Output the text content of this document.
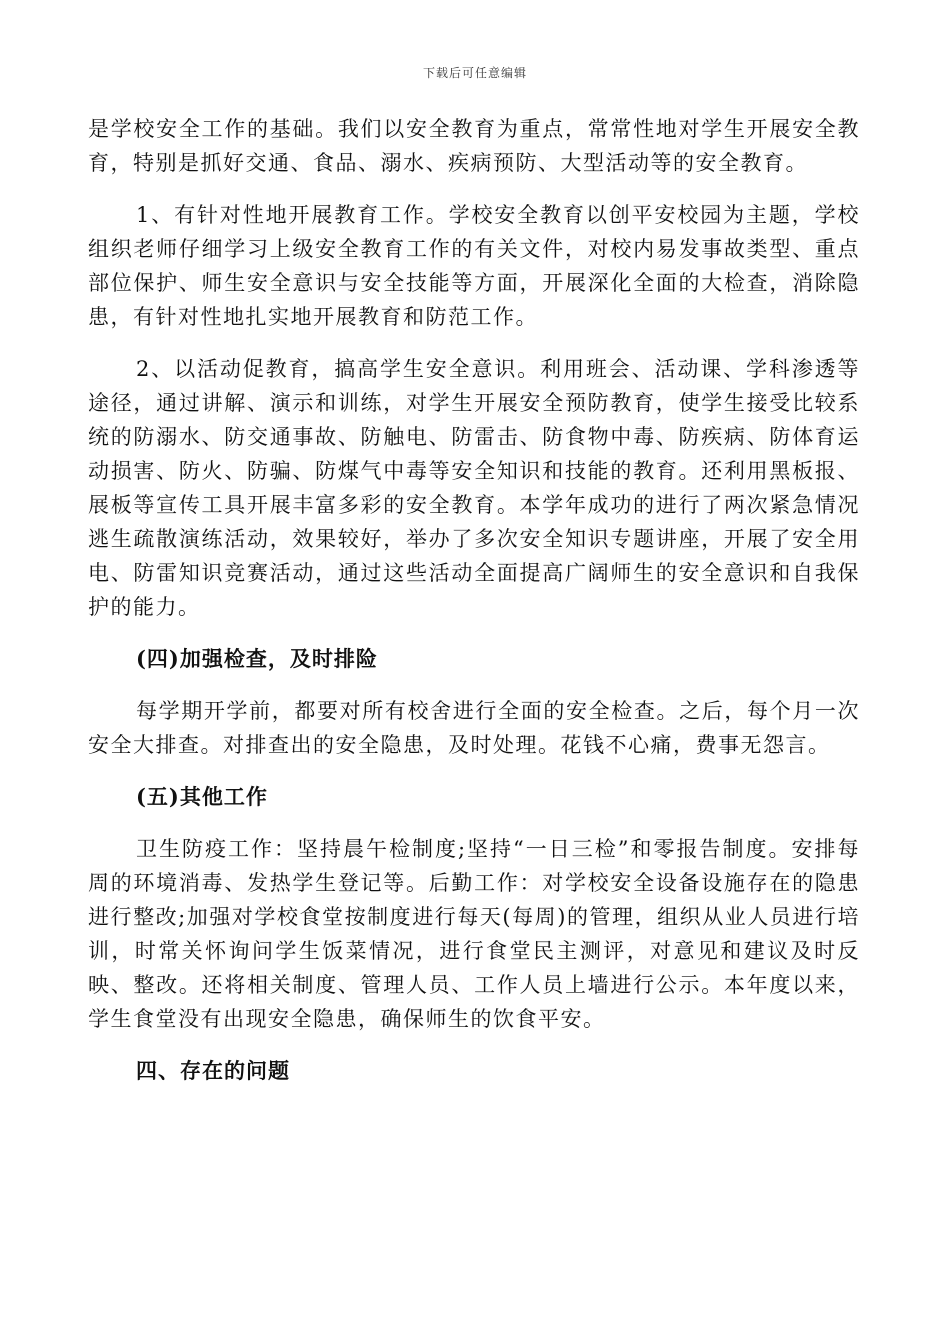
下载后可任意编辑

是学校安全工作的基础。我们以安全教育为重点，常常性地对学生开展安全教育，特别是抓好交通、食品、溺水、疾病预防、大型活动等的安全教育。

1、有针对性地开展教育工作。学校安全教育以创平安校园为主题，学校组织老师仔细学习上级安全教育工作的有关文件，对校内易发事故类型、重点部位保护、师生安全意识与安全技能等方面，开展深化全面的大检查，消除隐患，有针对性地扎实地开展教育和防范工作。

2、以活动促教育，搞高学生安全意识。利用班会、活动课、学科渗透等途径，通过讲解、演示和训练，对学生开展安全预防教育，使学生接受比较系统的防溺水、防交通事故、防触电、防雷击、防食物中毒、防疾病、防体育运动损害、防火、防骗、防煤气中毒等安全知识和技能的教育。还利用黑板报、展板等宣传工具开展丰富多彩的安全教育。本学年成功的进行了两次紧急情况逃生疏散演练活动，效果较好，举办了多次安全知识专题讲座，开展了安全用电、防雷知识竞赛活动，通过这些活动全面提高广阔师生的安全意识和自我保护的能力。

(四)加强检查，及时排险

每学期开学前，都要对所有校舍进行全面的安全检查。之后，每个月一次安全大排查。对排查出的安全隐患，及时处理。花钱不心痛，费事无怨言。

(五)其他工作

卫生防疫工作：坚持晨午检制度;坚持“一日三检”和零报告制度。安排每周的环境消毒、发热学生登记等。后勤工作：对学校安全设备设施存在的隐患进行整改;加强对学校食堂按制度进行每天(每周)的管理，组织从业人员进行培训，时常关怀询问学生饭菜情况，进行食堂民主测评，对意见和建议及时反映、整改。还将相关制度、管理人员、工作人员上墙进行公示。本年度以来，学生食堂没有出现安全隐患，确保师生的饮食平安。

四、存在的问题
